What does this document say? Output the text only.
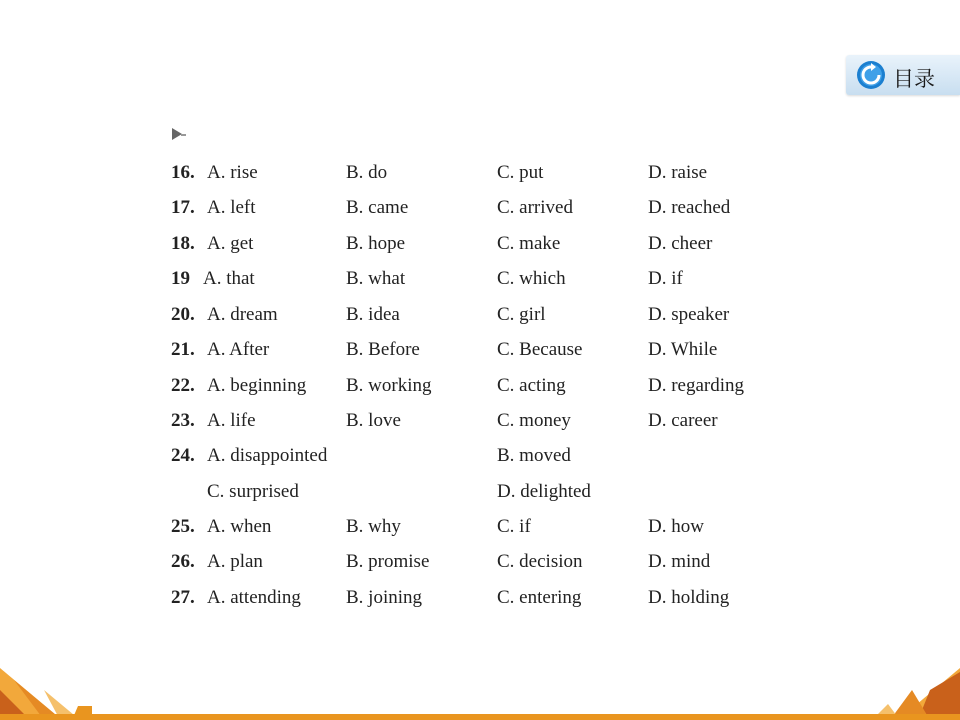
目录
16. A. rise	B. do	C. put	D. raise
17. A. left	B. came	C. arrived	D. reached
18. A. get	B. hope	C. make	D. cheer
19 A. that	B. what	C. which	D. if
20. A. dream	B. idea	C. girl	D. speaker
21. A. After	B. Before	C. Because	D. While
22. A. beginning B. working	C. acting	D. regarding
23. A. life	B. love	C. money	D. career
24. A. disappointed	B. moved
C. surprised	D. delighted
25. A. when	B. why	C. if	D. how
26. A. plan	B. promise	C. decision	D. mind
27. A. attending B. joining	C. entering	D. holding
